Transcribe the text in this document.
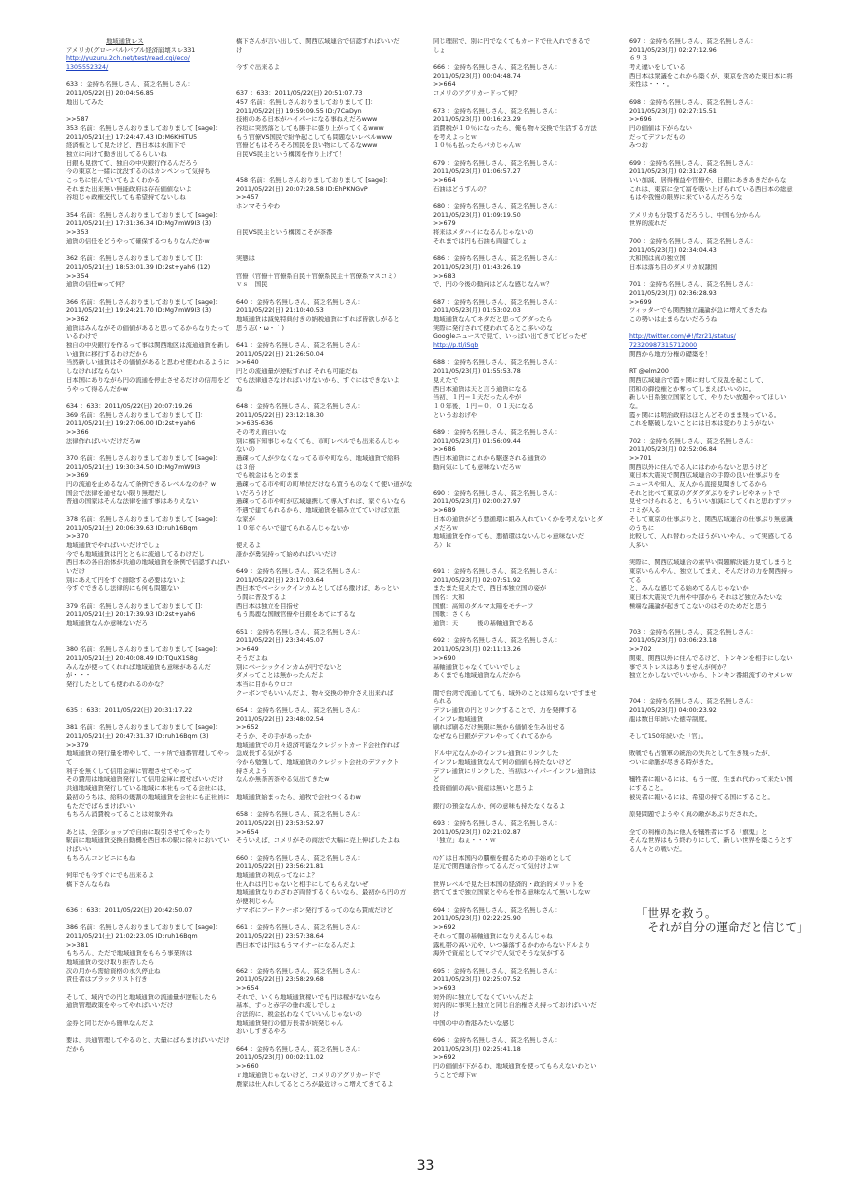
地域通貨レス
アメリカ(グローバル)バブル経済崩壊スレ331
http://yuzuru.2ch.net/test/read.cgi/eco/
1305552324/
633 ：金持ち名無しさん、貧乏名無しさん：
2011/05/22(日) 20:04:56.85
地出してみた
>>587
353 名前：名無しさんおりましておりまして [sage]：
2011/05/21(土) 17:24:47.43 ID:M6KHiTU5
経済板として見たけど、西日本は水面下で
独立に向けて動き出してるらしいね
日銀も見捨てて、独自の中央銀行作るんだろう
今の東京と一緒に沈没するのはカンペンって気持ち
こっちに住んでいてもよくわかる
それまた出来無い無能政府は存在価値ないよ
谷垣じゃ政権交代しても希望持てないしね
354 名前：名無しさんおりましておりまして [sage]：
2011/05/21(土) 17:31:36.34 ID:Mg7mW9I3 (3)
>>353
通貨の信任をどうやって確保するつもりなんだかw
362 名前：名無しさんおりましておりまして []：
2011/05/21(土) 18:53:01.39 ID:2st+yah6 (12)
>>354
通貨の信任wって何？
366 名前：名無しさんおりましておりまして [sage]：
2011/05/21(土) 19:24:21.70 ID:Mg7mW9I3 (3)
>>362
通貨はみんながその価値があると思ってるからなりたって
いるわけで
独自の中央銀行を作るって事は関西地区は流通通貨を新し
い通貨に移行するわけだから
当然新しい通貨はその価値があると思わせ使われるように
しなければならない
日本国にありながら円の流通を停止させるだけの信用をど
うやって得るんだかw
634 ：633：2011/05/22(日) 20:07:19.26
369 名前：名無しさんおりましておりまして []：
2011/05/21(土) 19:27:06.00 ID:2st+yah6
>>366
法律作ればいいだけだろw
370 名前：名無しさんおりましておりまして [sage]：
2011/05/21(土) 19:30:34.50 ID:Mg7mW9I3
>>369
円の流通を止めるなんて条例できるレベルなのか？w
国会で法律を通せない限り無理だし
普通の国家はそんな法律を通す事はありえない
378 名前：名無しさんおりましておりまして [sage]：
2011/05/21(土) 20:06:39.63 ID:ruh16Bqm
>>370
地域通貨でやればいいだけでしょ
今でも地域通貨は円とともに流通してるわけだし
西日本の各自治体が共通の地域通貨を条例で信認すればい
いだけ
別にあえて円をすぐ排除する必要はないよ
今すぐできるし法律的にも何も問題ない
379 名前：名無しさんおりましておりまして []：
2011/05/21(土) 20:17:39.93 ID:2st+yah6
地域通貨なんか意味ないだろ
380 名前：名無しさんおりましておりまして [sage]：
2011/05/21(土) 20:40:08.49 ID:TQuX1S8g
みんなが使ってくれれば地域通貨も意味があるんだ
が・・・
発行したとしても使われるのかな？
635 ：633：2011/05/22(日) 20:31:17.22
381 名前：名無しさんおりましておりまして [sage]：
2011/05/21(土) 20:47:31.37 ID:ruh16Bqm (3)
>>379
地域通貨の発行量を増やして、一ヶ所で通番管理してやっ
て
利子を無くして信用金庫に管理させてやって
その費用は地域通貨発行して信用金庫に渡せばいいだけ
共通地域通貨発行している地域に本社もってる会社には、
最初のうちは、給料の幾割の地域通貨を会社にも正社員に
もただでばらまけばいい
もちろん消費税ってることは対象外ね
あとは、全部ショップで自由に取引させてやったり
駅前に地域通貨交換自動機を西日本の駅に徐々においてい
けばいい
もちろんコンビニにもね
何年でも今すぐにでも出来るよ
橋下さんならね
636 ：633：2011/05/22(日) 20:42:50.07
386 名前：名無しさんおりましておりまして [sage]：
2011/05/21(土) 21:02:23.05 ID:ruh16Bqm
>>381
もちろん、ただで地域通貨をもらう事業所は
地域通貨の受け取り拒否したら
次の月から需給資格の永久停止ね
責任者はブラックリスト行き
そして、域内での円と地域通貨の流通量が逆転したら
通貨管理政策をやってやればいいだけ
金券と同じだから簡単なんだよ
要は、共通管理してやるのと、大量にばらまけばいいだけ
だから
橋下さんが言い出して、関西広域連合で信認すればいいだ
け
今すぐ出来るよ
637 ：633：2011/05/22(日) 20:51:07.73
457 名前：名無しさんおりましておりまして []：
2011/05/22(日) 19:59:09.55 ID:/7CaDyn
技術のある日本がハイパーになる事ねえだろwww
谷垣に突然落としても勝手に盛り上がってくるwww
もう官僚VS国民で紛争起こしても問題ないレベルwww
官僚どもはそろそろ国民を良い物にしてるなwww
自民VS民主という構図を作り上げて！
458 名前：名無しさんおりましておりまして [sage]：
2011/05/22(日) 20:07:28.58 ID:EhPKNGvP
>>457
ホンマそうやわ
自民VS民主という構図こそが茶番
実態は
官僚（官僚＋官僚系自民＋官僚系民主＋官僚系マスコミ）
ｖｓ　国民
640 ：金持ち名無しさん、貧乏名無しさん：
2011/05/22(日) 21:10:40.53
地域通貨は減免特典付きの納税通貨にすれば皆欲しがると
思う志(・ω・｀)
641 ：金持ち名無しさん、貧乏名無しさん：
2011/05/22(日) 21:26:50.04
>>640
円との流通量が逆転すれば それも可能だね
でも法律通さなければいけないから、すぐにはできないよ
ね
648 ：金持ち名無しさん、貧乏名無しさん：
2011/05/22(日) 23:12:18.30
>>635-636
その考え面白いな
別に橋下知事じゃなくても、市町レベルでも出来るんじゃ
ないの
過疎って人が少なくなってる市や町なら、地域通貨で給料
は３倍
でも税金はもとのまま
過疎ってる市や町の町単位だけなら買うものなくて使い道がな
いだろうけど
過疎ってる市や町が広域連携して導入すれば、家ぐらいなら
不遇で建てられるから、地域通貨を積み立てていけば立派
な家が
１０年ぐらいで建てられるんじゃないか
使えるよ
誰かが勇気持って始めればいいだけ
649 ：金持ち名無しさん、貧乏名無しさん：
2011/05/22(日) 23:17:03.64
西日本でベーシックインカムとしてばら撒けば、あっとい
う間に普及するよ
西日本は独立を目指せ
もう馬鹿な国賊官僚や日銀をあてにするな
651 ：金持ち名無しさん、貧乏名無しさん：
2011/05/22(日) 23:34:45.07
>>649
そうだよね
別にベーシックインカムが円でないと
ダメってことは無かったんだよ
本当に目からウロコ
クーポンでもいいんだよ、物々交換の仲介さえ出来れば
654 ：金持ち名無しさん、貧乏名無しさん：
2011/05/22(日) 23:48:02.54
>>652
そうか、その手があったか
地域通貨での月々返済可能なクレジットカード会社作れば
急成長する気がする
今から勉強して、地域通貨のクレジット会社のデファクト
持さえよう
なんか無茶苦茶やる気出てきたw
地域通貨始まったら、通牧で会社つくるわw
658 ：金持ち名無しさん、貧乏名無しさん：
2011/05/22(日) 23:53:52.97
>>654
そういえば、コメリがその商法で大幅に売上伸ばしたよね
660 ：金持ち名無しさん、貧乏名無しさん：
2011/05/22(日) 23:56:21.81
地域通貨の利点ってなによ？
仕入れは円じゃないと相手にしてもらえないぜ
地域通貨なりわざわざ両替するくらいなら、最初から円の方
が便利じゃん
ナマポにフードクーポン発行するってのなら賛成だけど
661 ：金持ち名無しさん、貧乏名無しさん：
2011/05/22(日) 23:57:38.64
西日本では円はもうマイナーになるんだよ
662 ：金持ち名無しさん、貧乏名無しさん：
2011/05/22(日) 23:58:29.68
>>654
それで、いくら地域通貨稼いでも円は稼がないなら
基本、ずっと赤字の垂れ流しでしょ
合法的に、税金払わなくていいんじゃないの
地域通貨発行の億万長者が続発じゃん
おいしすぎるやろ
664 ：金持ち名無しさん、貧乏名無しさん：
2011/05/23(月) 00:02:11.02
>>660
ｒ地域通貨じゃないけど、コメリのアグリカードで
農家は仕入れしてるところが最近けっこ増えてきてるよ
同じ理屈で、別に円でなくてもカードで仕入れできるで
しょ
666 ：金持ち名無しさん、貧乏名無しさん：
2011/05/23(月) 00:04:48.74
>>664
コメリのアグリカードって何？
673 ：金持ち名無しさん、貧乏名無しさん：
2011/05/23(月) 00:16:23.29
消費税が１０％になったら、俺も物々交換で生活する方法
を考えよっとｗ
１０％も払ったらバカじゃんｗ
679 ：金持ち名無しさん、貧乏名無しさん：
2011/05/23(月) 01:06:57.27
>>664
石油はどうすんの？
680 ：金持ち名無しさん、貧乏名無しさん：
2011/05/23(月) 01:09:19.50
>>679
将来はメタハイになるんじゃないの
それまでは円も石油も両建てしょ
686 ：金持ち名無しさん、貧乏名無しさん：
2011/05/23(月) 01:43:26.19
>>683
で、円の今後の動向はどんな感じなんｗ？
687 ：金持ち名無しさん、貧乏名無しさん：
2011/05/23(月) 01:53:02.03
地域通貨なんてネタだと思ってグダったら
実際に発行されて使われてるとこ多いのな
Googleニュースで見て、いっぱい出てきてビビったぜ
http://p.tl/iSgb
688 ：金持ち名無しさん、貧乏名無しさん：
2011/05/23(月) 01:55:53.78
見えたで
西日本通貨は天と言う通貨になる
当初、１円＝１天だったんやが
１０年後、１円＝０．０１天になる
というおおげや
689 ：金持ち名無しさん、貧乏名無しさん：
2011/05/23(月) 01:56:09.44
>>686
西日本通貨にこれから駆逐される通貨の
動向気にしても意味ないだろｗ
690 ：金持ち名無しさん、貧乏名無しさん：
2011/05/23(月) 02:00:27.97
>>689
日本の通貨がどう悪循環に組み入れていくかを考えないとダ
メだろｗ
地域通貨を作っても、悪循環はないんじゃ意味ないだ
ろ）ｋ
691 ：金持ち名無しさん、貧乏名無しさん：
2011/05/23(月) 02:07:51.92
またまた見えたで、西日本独立国の姿が
国名：大和
国旗：高知のダルマ太陽をモチーフ
国歌：さくら
通貨：天　　　後の基軸通貨である
692 ：金持ち名無しさん、貧乏名無しさん：
2011/05/23(月) 02:11:13.26
>>690
基軸通貨じゃなくていいでしょ
あくまでも地域通貨なんだから
闇で台湾で流通してても、域外のことは知らないですませ
られる
デフレ通貨の円とリンクすることで、力を発揮する
インフレ地域通貨
刷れば刷るだけ無限に無から価値を生み出せる
なぜなら日銀がデフレやってくれてるから
ドル中元なんかのインフレ通貨にリンクした
インフレ地域通貨なんて何の価値も持たないけど
デフレ通貨にリンクした、当初はハイパーインフレ通貨は
ど
投資価値の高い資産は無いと思うよ
銀行の預金なんか、何の意味も持たなくなるよ
693 ：金持ち名無しさん、貧乏名無しさん：
2011/05/23(月) 02:21:02.87
「独立」ねぇ・・・ｗ
ﾊﾝｹﾞは日本国内の覇権を握るための手始めとして
足元で関西連合作ってるんだって気付けよｗ
世界レベルで見た日本国の経済的・政治的メリットを
捨ててまで独立国家とやらを作る意味なんて無いしなｗ
694 ：金持ち名無しさん、貧乏名無しさん：
2011/05/23(月) 02:22:25.90
>>692
それって闇の基軸通貨になりえるんじゃね
露札帯の高い元や、いつ暴落するかわからないドルより
海外で資産としてマジで人気でそうな気がする
695 ：金持ち名無しさん、貧乏名無しさん：
2011/05/23(月) 02:25:07.52
>>693
対外的に独立してなくていいんだよ
対内的に事実上独立と同じ自治権さえ持っておけばいいだ
け
中国の中の香港みたいな感じ
696 ：金持ち名無しさん、貧乏名無しさん：
2011/05/23(月) 02:25:41.18
>>692
円の価値が下がるわ、地域通貨を使ってもらえないわとい
うことで却下ｗ
697 ：金持ち名無しさん、貧乏名無しさん：
2011/05/23(月) 02:27:12.96
６９３
考え違いをしている
西日本は衆議をこれから築くが、東京を含めた東日本に将
来性は・・・。
698 ：金持ち名無しさん、貧乏名無しさん：
2011/05/23(月) 02:27:15.51
>>696
円の価値は下がらない
だってデフレだもの
みつお
699 ：金持ち名無しさん、貧乏名無しさん：
2011/05/23(月) 02:31:27.68
いい加減、居得権益や官僚や、日銀にあきあきだからな
これは、東京に全て富を吸い上げられている西日本の総意
もはや我慢の限界に来ているんだろうな
アメリカも分裂するだろうし、中国も分からん
世界的流れだ
700 ：金持ち名無しさん、貧乏名無しさん：
2011/05/23(月) 02:34:04.43
大和国は真の独立国
日本は落ち目のダメリカ奴隷国
701 ：金持ち名無しさん、貧乏名無しさん：
2011/05/23(月) 02:36:28.93
>>699
ツィッターでも関西独立議論が急に増えてきたね
この勢いは止まらないだろうね
http://twitter.com/#!/fzr21/status/
72320987315712000
関西から地方分権の礎築を！
RT @elm200
関西広域連合で霞ヶ関に対して反乱を起こして、
団和の御役権とか奪ってしまえばいいのに。
新しい日系独立国家として、やりたい放題やってほしい
な。
霞ヶ関には明治政府はほとんどそのまま残っている。
これを駆破しないことには日本は変わりようがない
702 ：金持ち名無しさん、貧乏名無しさん：
2011/05/23(月) 02:52:06.84
>>701
関西以外に住んでる人にはわからないと思うけど
東日本大震災で関西広域連合の手際の良い仕事ぶりを
ニュースや知人、友人から直接見聞きしてるから
それと比べて東京のグダグダぶりをテレビやネットで
見せつけられると、もういい加減にしてくれと思わずツッ
コミが入る
そして東京の仕事ぶりと、関西広域連合の仕事ぶり無意識
のうちに
比較して、入れ替わったほうがいいやん、って実感してる
人多い
実際に、関西広域連合の素早い問題解決能力見てしまうと
東京いらんやん、独立してまえ、そんだけの力を関西持っ
てる
と、みんな感じてる始めてるんじゃないか
東日本大震災で九州や中部から それはど独立みたいな
極端な議論が起きてこないのはそのためだと思う
703 ：金持ち名無しさん、貧乏名無しさん：
2011/05/23(月) 03:06:23.18
>>702
関東、関西以外に住んでるけど、トンキンを相手にしない
事でストレスはありませんが何か？
独立とかしないでいいから、トンキン番組流すのヤメレｗ
704 ：金持ち名無しさん、貧乏名無しさん：
2011/05/23(月) 04:00:23.92
龍は数日年続いた徳寺制度。
そして150年続いた「官」。
敗戦でも占領軍の統治の失兵として生き残ったが、
ついに命脈が尽きる時がきた。
犠牲者に報いるには、もう一度、生まれ代わって来たい国
にすること。
被災者に報いるには、希望の持てる国にすること。
原発問題でようやく真の敵があぶりだされた。
全ての利権の為に他人を犠牲者にする「旗鬼」と
そんな世界はもう終わりにして、新しい世界を築こうとす
る人々との戦いだ。
「世界を救う。
　それが自分の運命だと信じて」
33
